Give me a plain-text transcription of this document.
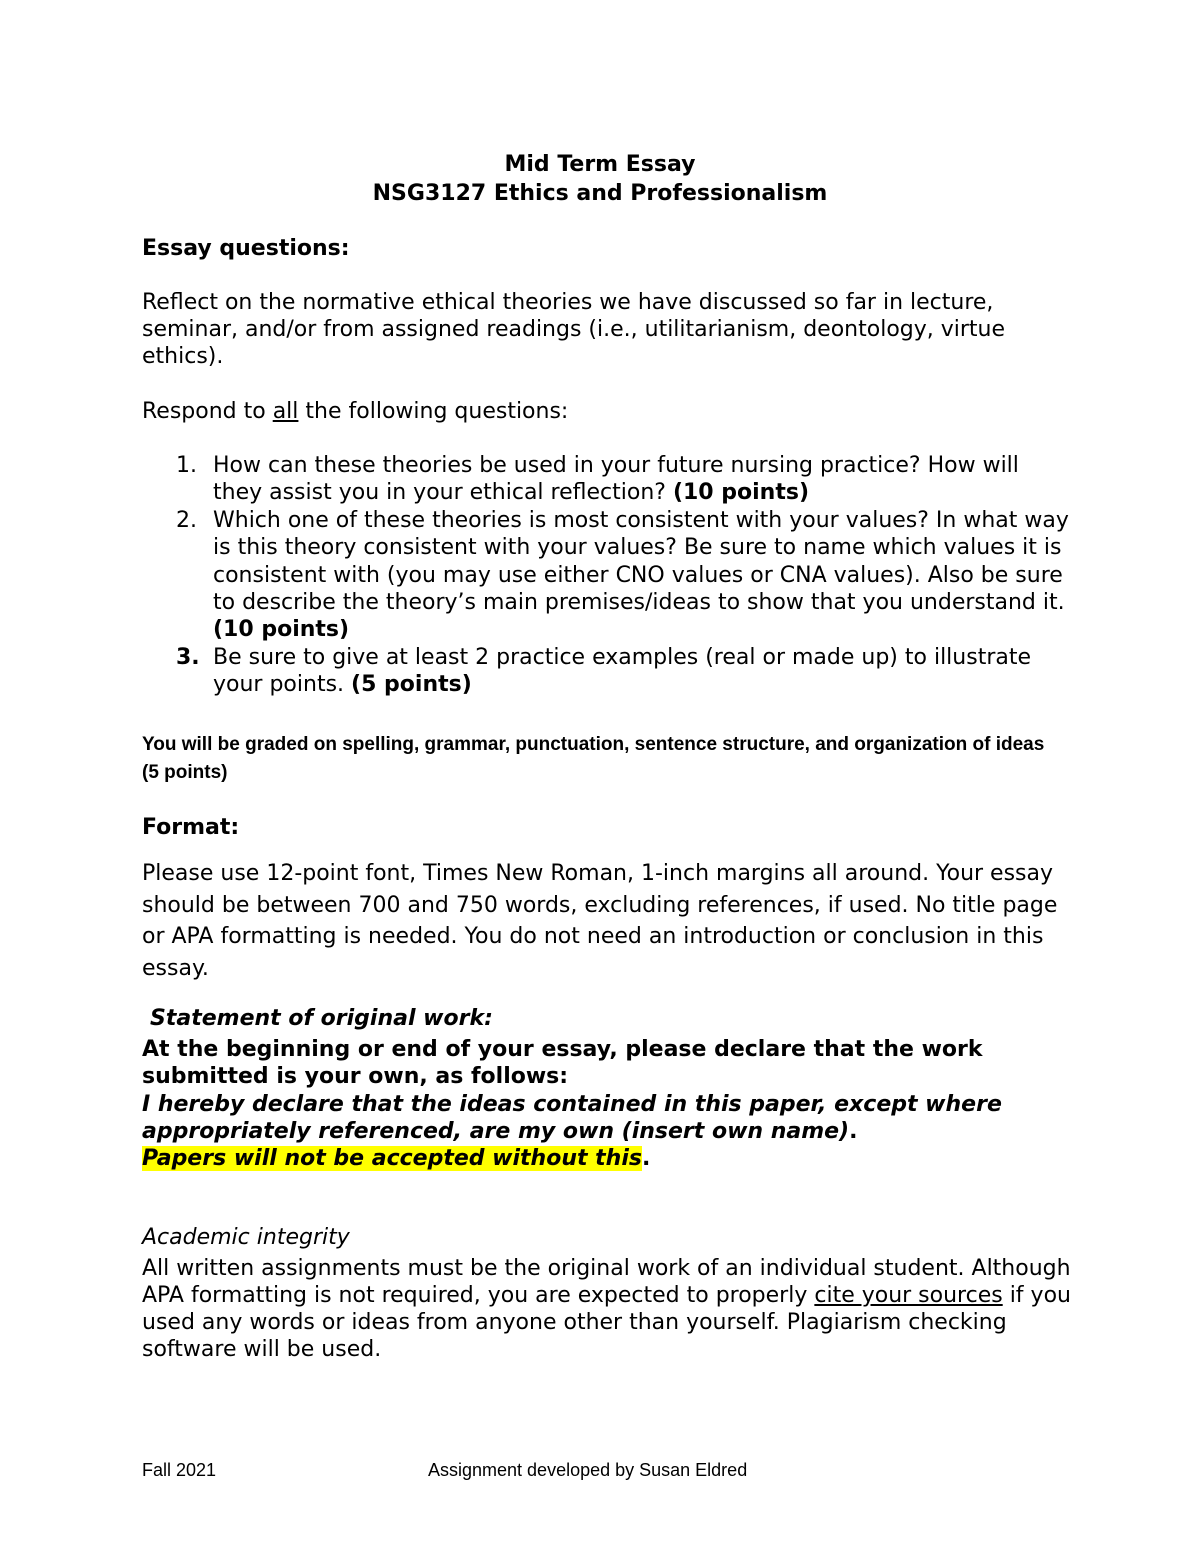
Mid Term Essay
NSG3127 Ethics and Professionalism
Essay questions:
Reflect on the normative ethical theories we have discussed so far in lecture, seminar, and/or from assigned readings (i.e., utilitarianism, deontology, virtue ethics).
Respond to all the following questions:
1. How can these theories be used in your future nursing practice? How will they assist you in your ethical reflection? (10 points)
2. Which one of these theories is most consistent with your values? In what way is this theory consistent with your values? Be sure to name which values it is consistent with (you may use either CNO values or CNA values). Also be sure to describe the theory’s main premises/ideas to show that you understand it. (10 points)
3. Be sure to give at least 2 practice examples (real or made up) to illustrate your points. (5 points)
You will be graded on spelling, grammar, punctuation, sentence structure, and organization of ideas (5 points)
Format:
Please use 12-point font, Times New Roman, 1-inch margins all around. Your essay should be between 700 and 750 words, excluding references, if used. No title page or APA formatting is needed. You do not need an introduction or conclusion in this essay.
Statement of original work:
At the beginning or end of your essay, please declare that the work submitted is your own, as follows:
I hereby declare that the ideas contained in this paper, except where appropriately referenced, are my own (insert own name).
Papers will not be accepted without this.
Academic integrity
All written assignments must be the original work of an individual student. Although APA formatting is not required, you are expected to properly cite your sources if you used any words or ideas from anyone other than yourself. Plagiarism checking software will be used.
Fall 2021	Assignment developed by Susan Eldred
